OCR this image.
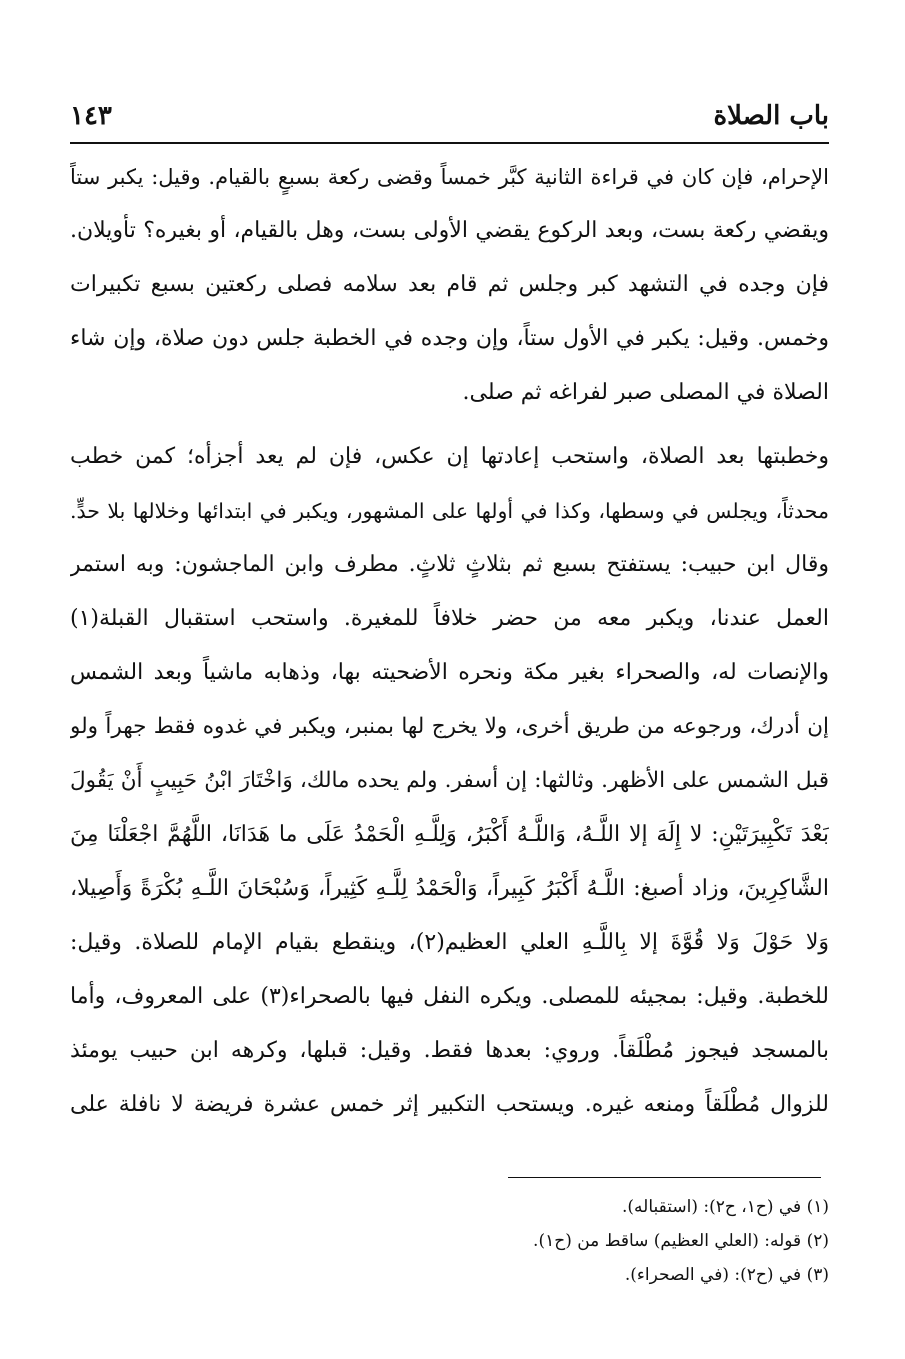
باب الصلاة
١٤٣
الإحرام، فإن كان في قراءة الثانية كبَّر خمساً وقضى ركعة بسبعٍ بالقيام. وقيل: يكبر ستاً
ويقضي ركعة بست، وبعد الركوع يقضي الأولى بست، وهل بالقيام، أو بغيره؟ تأويلان.
فإن وجده في التشهد كبر وجلس ثم قام بعد سلامه فصلى ركعتين بسبع تكبيرات
وخمس. وقيل: يكبر في الأول ستاً، وإن وجده في الخطبة جلس دون صلاة، وإن شاء
الصلاة في المصلى صبر لفراغه ثم صلى.
وخطبتها بعد الصلاة، واستحب إعادتها إن عكس، فإن لم يعد أجزأه؛ كمن خطب
محدثاً، ويجلس في وسطها، وكذا في أولها على المشهور، ويكبر في ابتدائها وخلالها بلا حدٍّ.
وقال ابن حبيب: يستفتح بسبع ثم بثلاثٍ ثلاثٍ. مطرف وابن الماجشون: وبه استمر
العمل عندنا، ويكبر معه من حضر خلافاً للمغيرة. واستحب استقبال القبلة(١)
والإنصات له، والصحراء بغير مكة ونحره الأضحيته بها، وذهابه ماشياً وبعد الشمس
إن أدرك، ورجوعه من طريق أخرى، ولا يخرج لها بمنبر، ويكبر في غدوه فقط جهراً ولو
قبل الشمس على الأظهر. وثالثها: إن أسفر. ولم يحده مالك، وَاخْتَارَ ابْنُ حَبِيبٍ أَنْ يَقُولَ
بَعْدَ تَكْبِيرَتَيْنِ: لا إِلَهَ إلا اللَّـهُ، وَاللَّـهُ أَكْبَرُ، وَلِلَّـهِ الْحَمْدُ عَلَى ما هَدَانَا، اللَّهُمَّ اجْعَلْنَا مِنَ
الشَّاكِرِينَ، وزاد أصبغ: اللَّـهُ أَكْبَرُ كَبِيراً، وَالْحَمْدُ لِلَّـهِ كَثِيراً، وَسُبْحَانَ اللَّـهِ بُكْرَةً وَأَصِيلا،
وَلا حَوْلَ وَلا قُوَّةَ إلا بِاللَّـهِ العلي العظيم(٢)، وينقطع بقيام الإمام للصلاة. وقيل:
للخطبة. وقيل: بمجيئه للمصلى. ويكره النفل فيها بالصحراء(٣) على المعروف، وأما
بالمسجد فيجوز مُطْلَقاً. وروي: بعدها فقط. وقيل: قبلها، وكرهه ابن حبيب يومئذ
للزوال مُطْلَقاً ومنعه غيره. ويستحب التكبير إثر خمس عشرة فريضة لا نافلة على
(١) في (ح١، ح٢): (استقباله).
(٢) قوله: (العلي العظيم) ساقط من (ح١).
(٣) في (ح٢): (في الصحراء).
